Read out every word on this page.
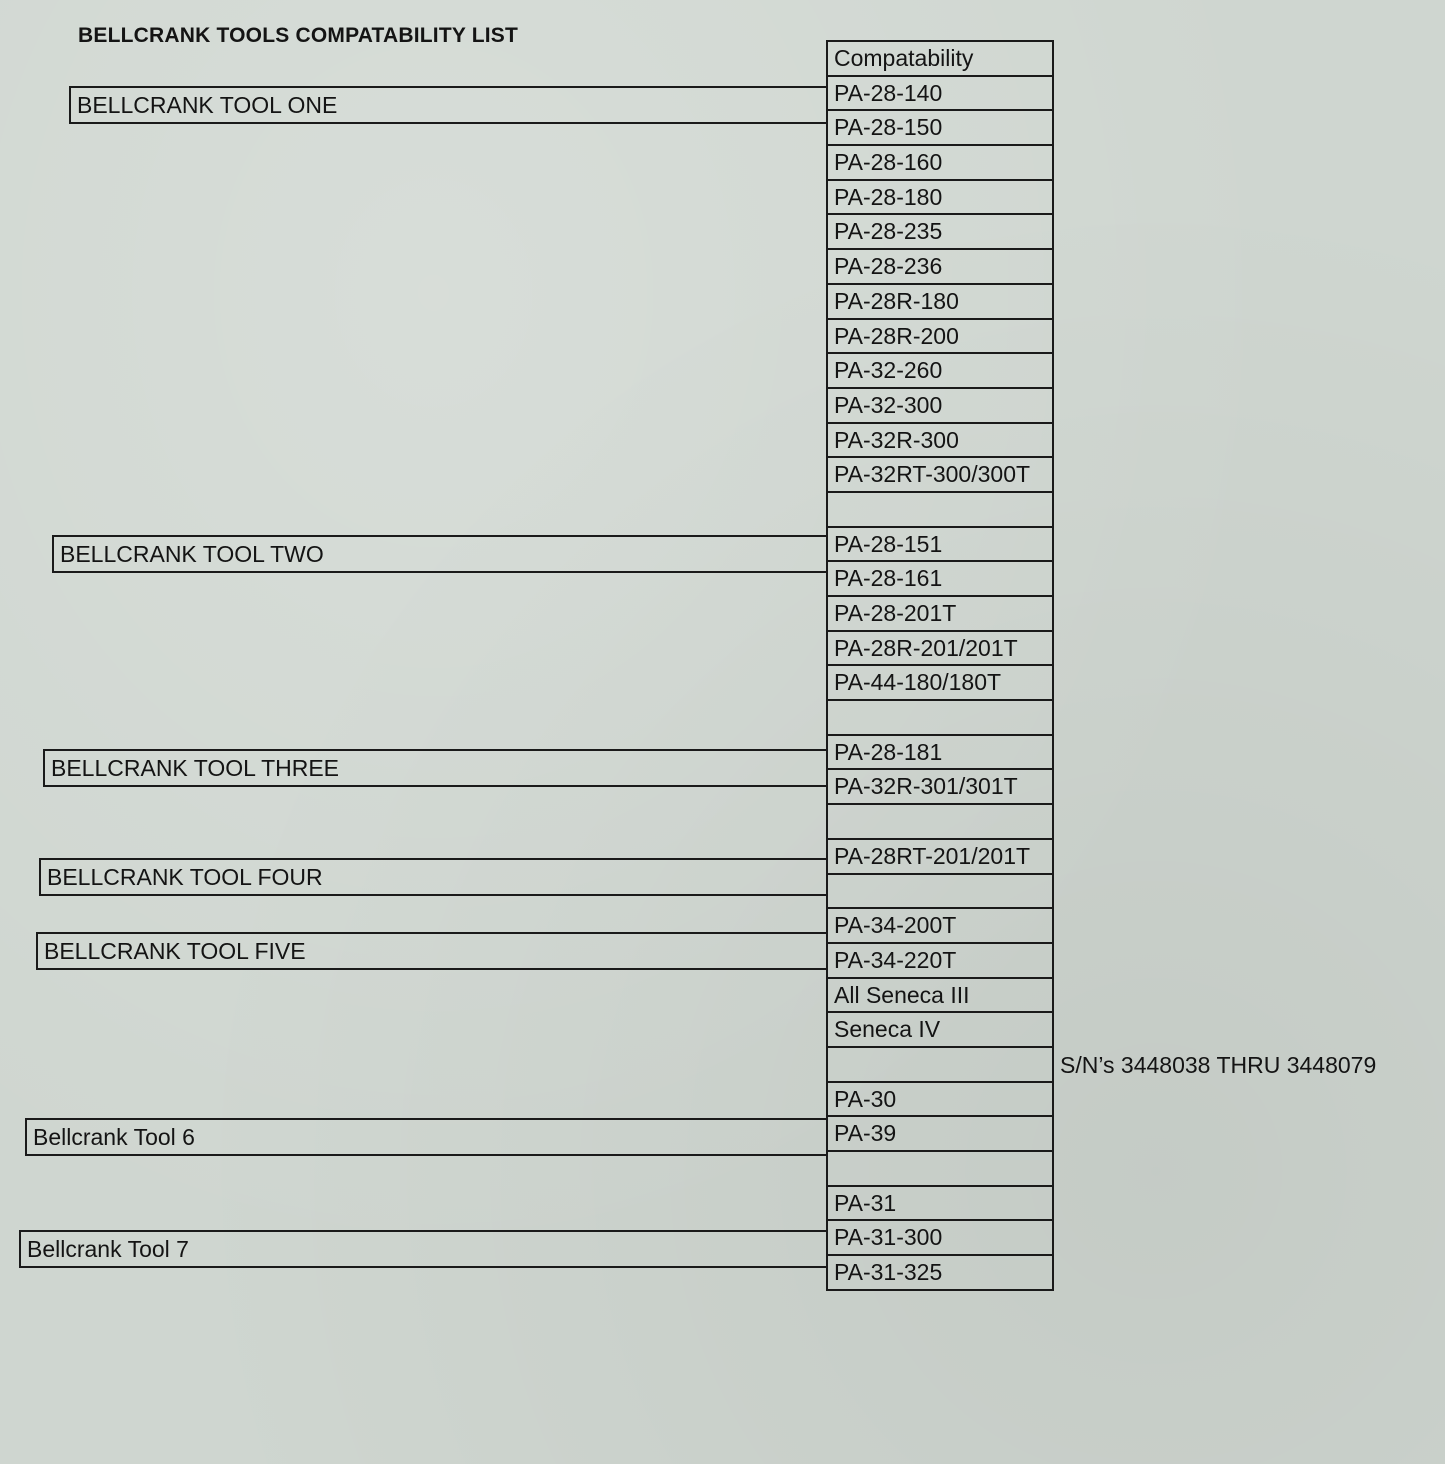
BELLCRANK TOOLS COMPATABILITY LIST
Compatability
PA-28-140
PA-28-150
PA-28-160
PA-28-180
PA-28-235
PA-28-236
PA-28R-180
PA-28R-200
PA-32-260
PA-32-300
PA-32R-300
PA-32RT-300/300T
PA-28-151
PA-28-161
PA-28-201T
PA-28R-201/201T
PA-44-180/180T
PA-28-181
PA-32R-301/301T
PA-28RT-201/201T
PA-34-200T
PA-34-220T
All Seneca III
Seneca IV
PA-30
PA-39
PA-31
PA-31-300
PA-31-325
BELLCRANK TOOL ONE
BELLCRANK TOOL TWO
BELLCRANK TOOL THREE
BELLCRANK TOOL FOUR
BELLCRANK TOOL FIVE
Bellcrank Tool 6
Bellcrank Tool 7
S/N’s 3448038 THRU 3448079
